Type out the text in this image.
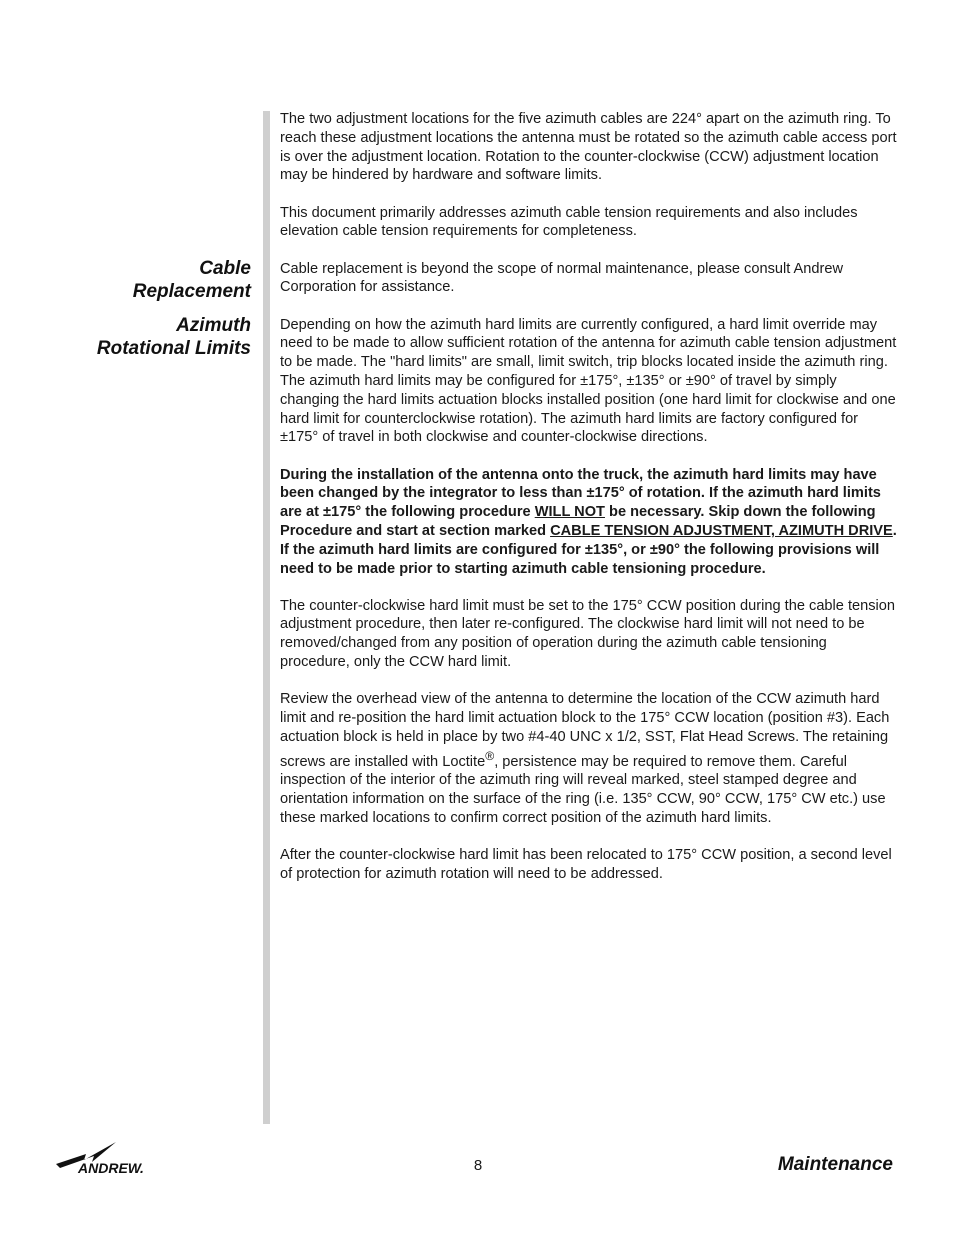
Cable
Replacement
Azimuth
Rotational Limits

The two adjustment locations for the five azimuth cables are 224° apart on the azimuth ring. To reach these adjustment locations the antenna must be rotated so the azimuth cable access port is over the adjustment location. Rotation to the counter-clockwise (CCW) adjustment location may be hindered by hardware and software limits.

This document primarily addresses azimuth cable tension requirements and also includes elevation cable tension requirements for completeness.

Cable replacement is beyond the scope of normal maintenance, please consult Andrew Corporation for assistance.

Depending on how the azimuth hard limits are currently configured, a hard limit override may need to be made to allow sufficient rotation of the antenna for azimuth cable tension adjustment to be made. The "hard limits" are small, limit switch, trip blocks located inside the azimuth ring. The azimuth hard limits may be configured for ±175°, ±135° or ±90° of travel by simply changing the hard limits actuation blocks installed position (one hard limit for clockwise and one hard limit for counterclockwise rotation). The azimuth hard limits are factory configured for ±175° of travel in both clockwise and counter-clockwise directions.

During the installation of the antenna onto the truck, the azimuth hard limits may have been changed by the integrator to less than ±175° of rotation. If the azimuth hard limits are at ±175° the following procedure WILL NOT be necessary. Skip down the following Procedure and start at section marked CABLE TENSION ADJUSTMENT, AZIMUTH DRIVE. If the azimuth hard limits are configured for ±135°, or ±90° the following provisions will need to be made prior to starting azimuth cable tensioning procedure.

The counter-clockwise hard limit must be set to the 175° CCW position during the cable tension adjustment procedure, then later re-configured. The clockwise hard limit will not need to be removed/changed from any position of operation during the azimuth cable tensioning procedure, only the CCW hard limit.

Review the overhead view of the antenna to determine the location of the CCW azimuth hard limit and re-position the hard limit actuation block to the 175° CCW location (position #3). Each actuation block is held in place by two #4-40 UNC x 1/2, SST, Flat Head Screws. The retaining screws are installed with Loctite®, persistence may be required to remove them. Careful inspection of the interior of the azimuth ring will reveal marked, steel stamped degree and orientation information on the surface of the ring (i.e. 135° CCW, 90° CCW, 175° CW etc.) use these marked locations to confirm correct position of the azimuth hard limits.

After the counter-clockwise hard limit has been relocated to 175° CCW position, a second level of protection for azimuth rotation will need to be addressed.

ANDREW.	8	Maintenance
